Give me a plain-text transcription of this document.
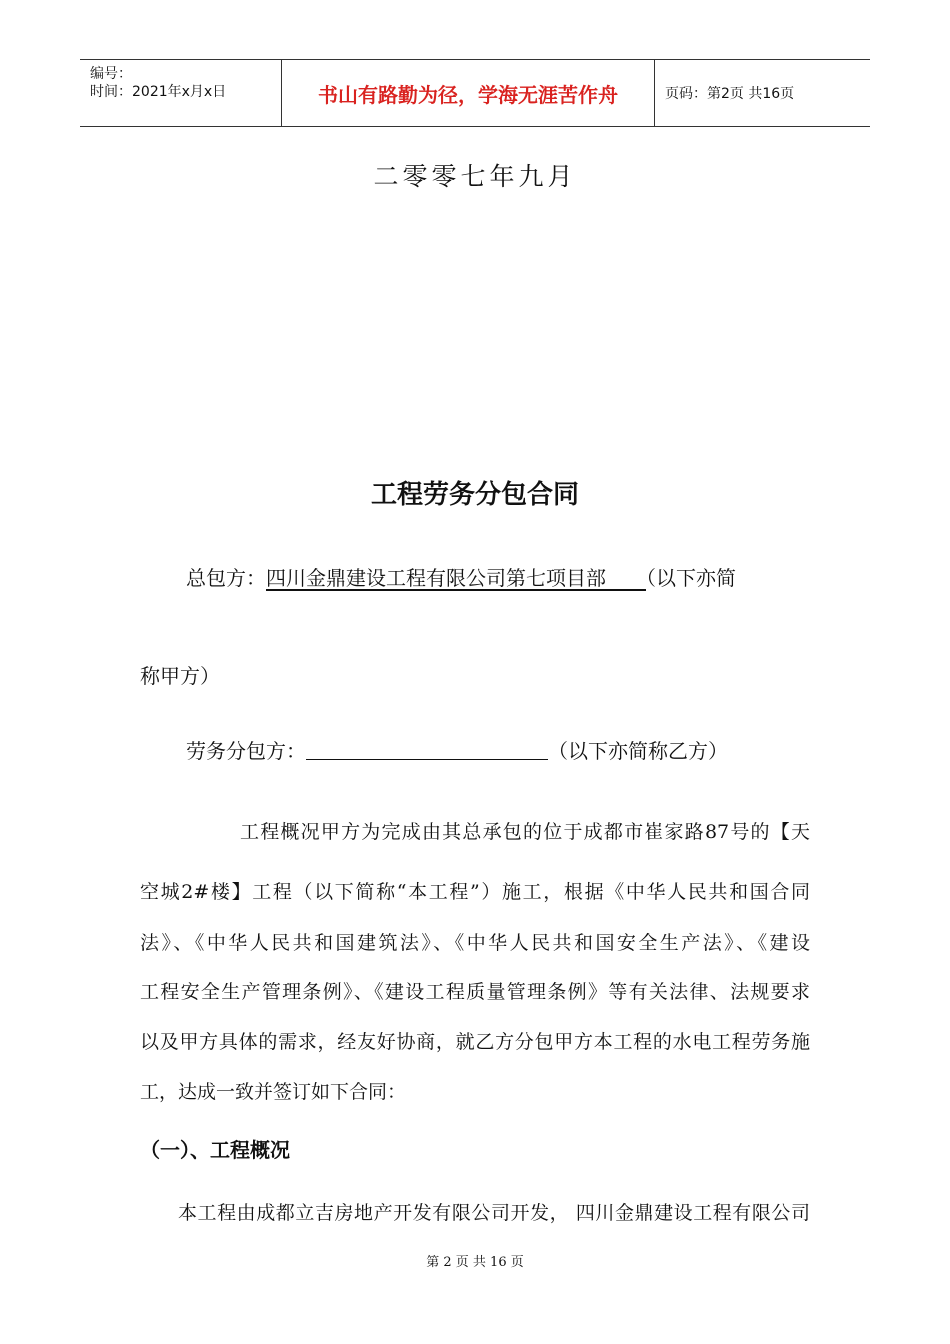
编号：
时间：2021年x月x日	书山有路勤为径，学海无涯苦作舟	页码：第2页 共16页
二零零七年九月
工程劳务分包合同
总包方：四川金鼎建设工程有限公司第七项目部　　（以下亦简
称甲方）
劳务分包方：	（以下亦简称乙方）
工程概况甲方为完成由其总承包的位于成都市崔家路87号的【天
空城2#楼】工程（以下简称“本工程”）施工，根据《中华人民共和国合同
法》、《中华人民共和国建筑法》、《中华人民共和国安全生产法》、《建设
工程安全生产管理条例》、《建设工程质量管理条例》等有关法律、法规要求
以及甲方具体的需求，经友好协商，就乙方分包甲方本工程的水电工程劳务施
工，达成一致并签订如下合同：
（一）、工程概况
本工程由成都立吉房地产开发有限公司开发， 四川金鼎建设工程有限公司
第 2 页 共 16 页
